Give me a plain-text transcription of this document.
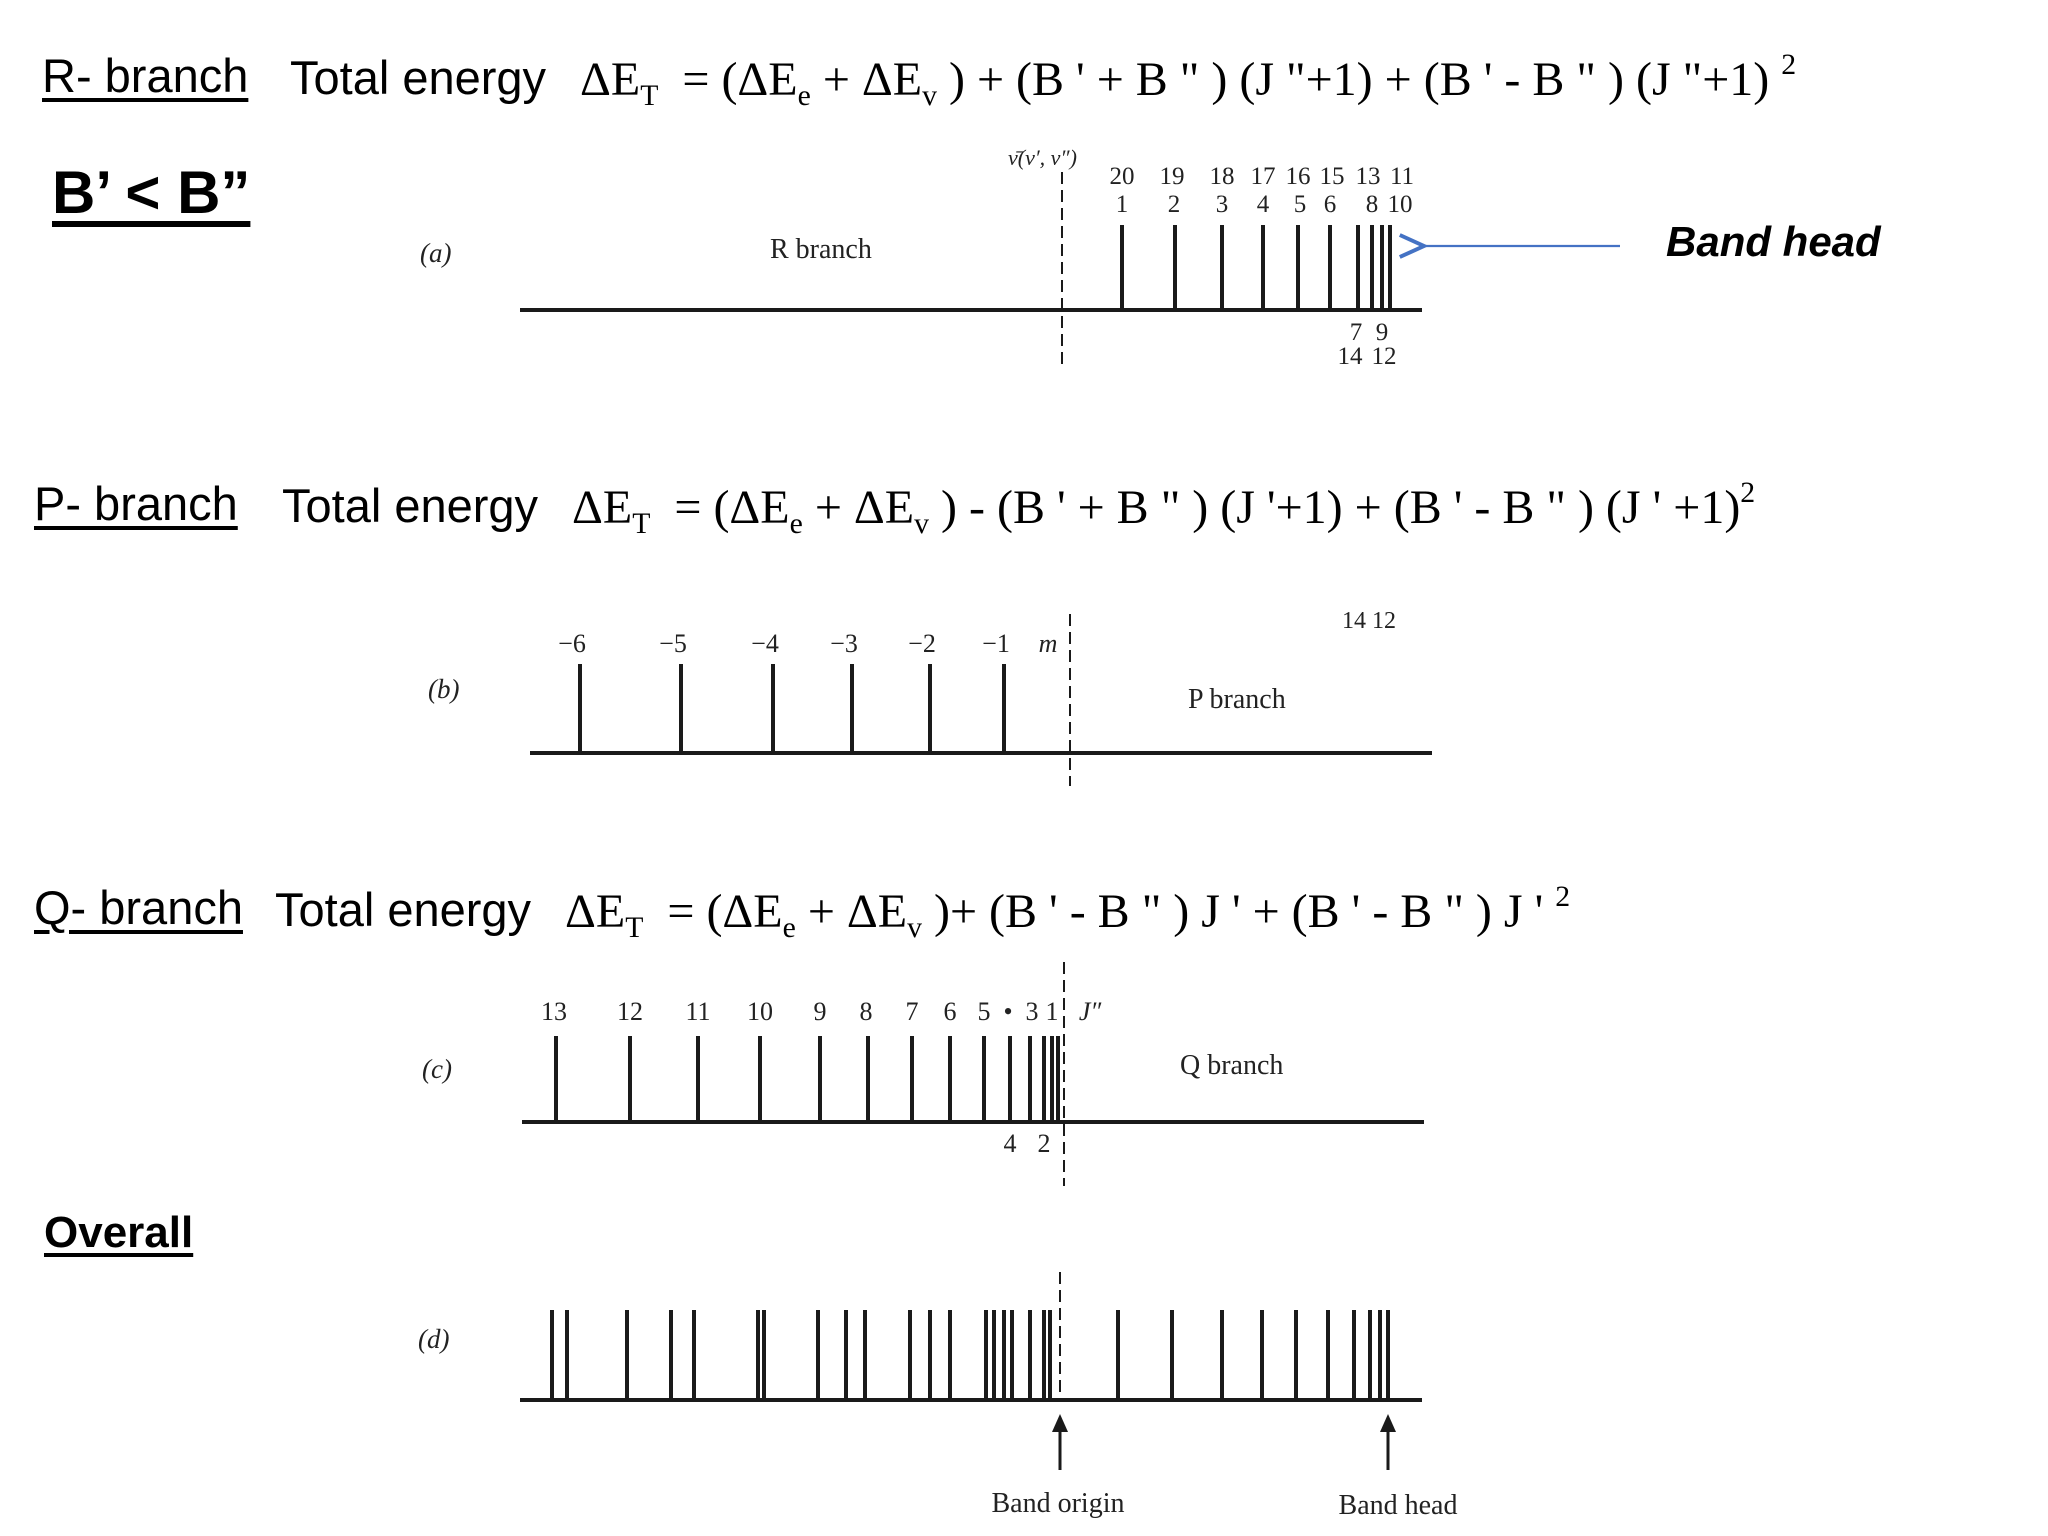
R- branch Total energy $\Delta E_T = (\Delta E_e + \Delta E_v$ ) + (B ' + B " ) (J "+1) + (B ' - B " ) (J "+1) $^2$
B’ < B”
Band head
P- branch Total energy $\Delta E_T = (\Delta E_e + \Delta E_v$ ) - (B ' + B " ) (J '+1) + (B ' - B " ) (J ' +1)$^2$
Q- branch Total energy $\Delta E_T = (\Delta E_e + \Delta E_v$ )+ (B ' - B " ) J ' + (B ' - B " ) J ' $^2$
Overall
(a)	R branch
ν̄(v′, v″)
20 19 18 17 16 15 13 11
1 2 3 4 5 6 8 10
7 9
14 12
(b)	P branch
14 12
−6	−5 −4 −3 −2 −1 m
(c)	Q branch
13 12 11 10 9 8 7 6 5 • 3 1 J″
4 2
(d)
Band origin	Band head
